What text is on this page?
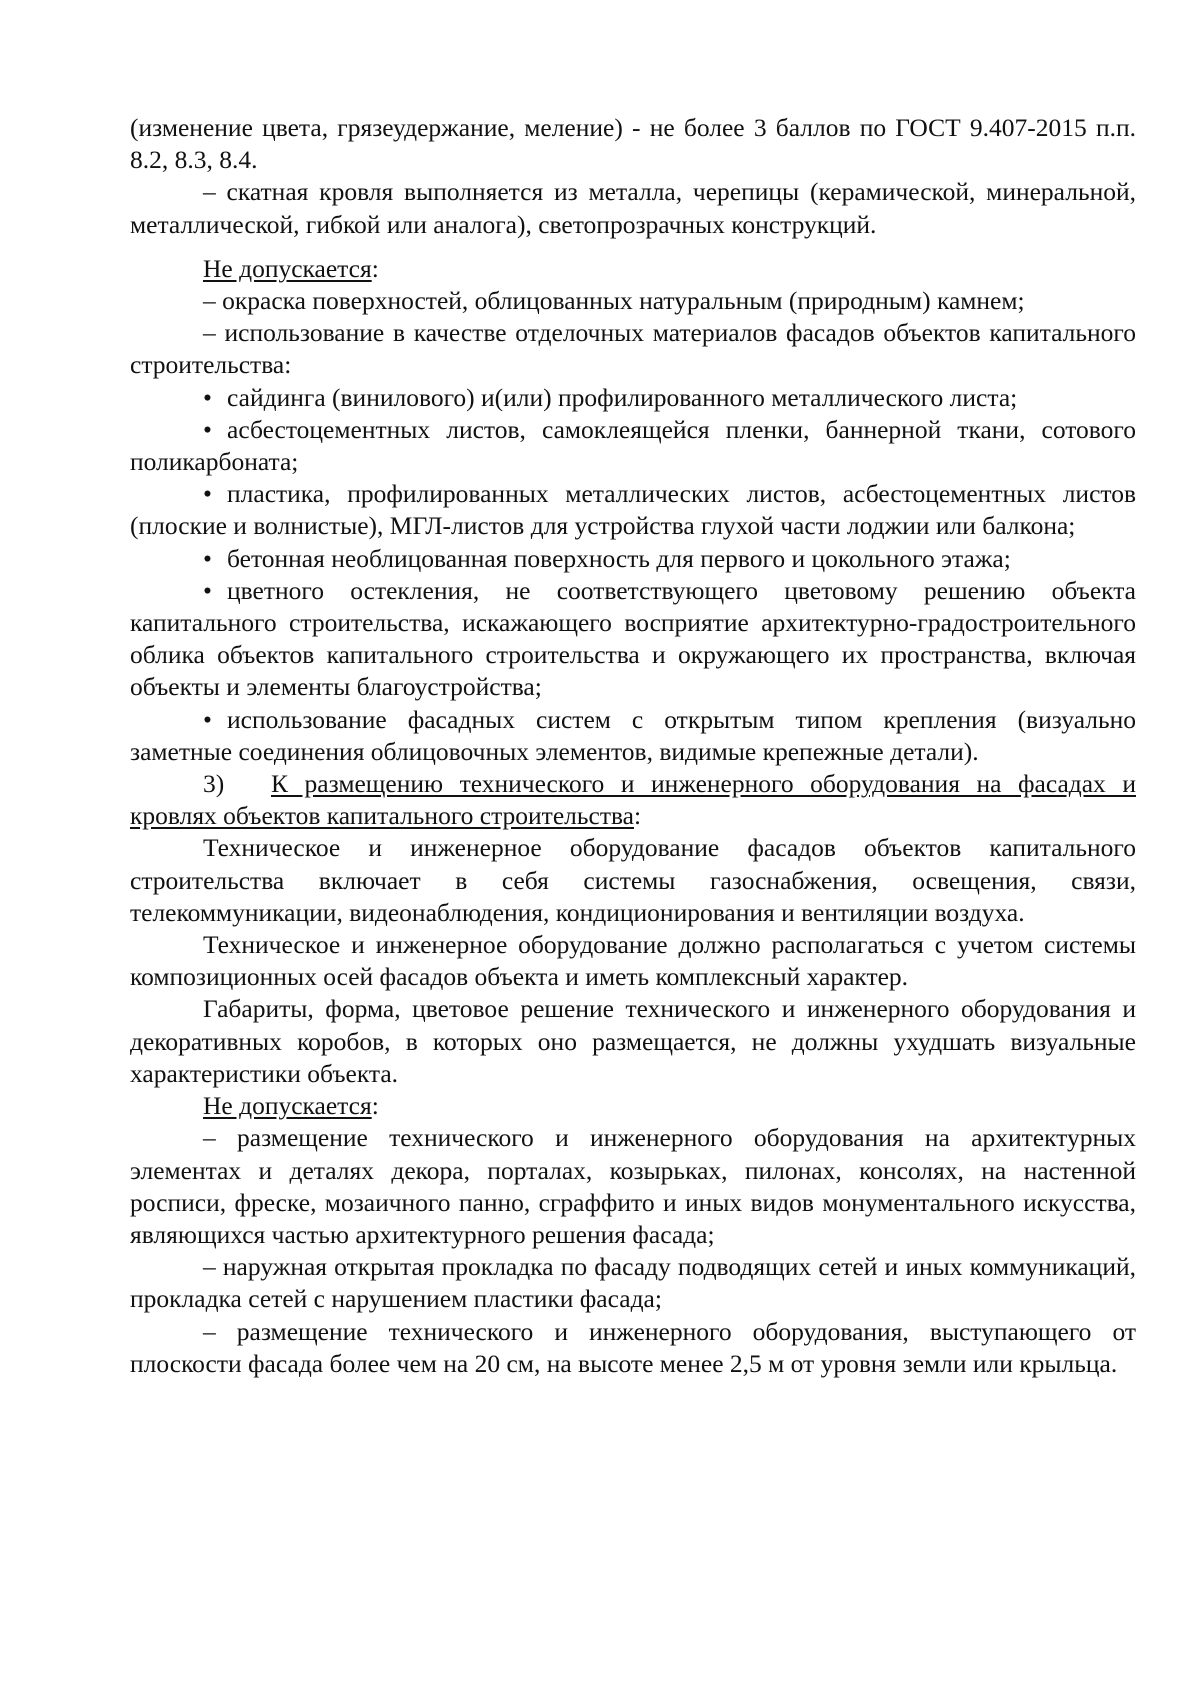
(изменение цвета, грязеудержание, меление) - не более 3 баллов по ГОСТ 9.407-2015 п.п. 8.2, 8.3, 8.4.

– скатная кровля выполняется из металла, черепицы (керамической, минеральной, металлической, гибкой или аналога), светопрозрачных конструкций.

Не допускается:

– окраска поверхностей, облицованных натуральным (природным) камнем;

– использование в качестве отделочных материалов фасадов объектов капитального строительства:

• сайдинга (винилового) и(или) профилированного металлического листа;

• асбестоцементных листов, самоклеящейся пленки, баннерной ткани, сотового поликарбоната;

• пластика, профилированных металлических листов, асбестоцементных листов (плоские и волнистые), МГЛ-листов для устройства глухой части лоджии или балкона;

• бетонная необлицованная поверхность для первого и цокольного этажа;

• цветного остекления, не соответствующего цветовому решению объекта капитального строительства, искажающего восприятие архитектурно-градостроительного облика объектов капитального строительства и окружающего их пространства, включая объекты и элементы благоустройства;

• использование фасадных систем с открытым типом крепления (визуально заметные соединения облицовочных элементов, видимые крепежные детали).

3) К размещению технического и инженерного оборудования на фасадах и кровлях объектов капитального строительства:

Техническое и инженерное оборудование фасадов объектов капитального строительства включает в себя системы газоснабжения, освещения, связи, телекоммуникации, видеонаблюдения, кондиционирования и вентиляции воздуха.

Техническое и инженерное оборудование должно располагаться с учетом системы композиционных осей фасадов объекта и иметь комплексный характер.

Габариты, форма, цветовое решение технического и инженерного оборудования и декоративных коробов, в которых оно размещается, не должны ухудшать визуальные характеристики объекта.

Не допускается:

– размещение технического и инженерного оборудования на архитектурных элементах и деталях декора, порталах, козырьках, пилонах, консолях, на настенной росписи, фреске, мозаичного панно, сграффито и иных видов монументального искусства, являющихся частью архитектурного решения фасада;

– наружная открытая прокладка по фасаду подводящих сетей и иных коммуникаций, прокладка сетей с нарушением пластики фасада;

– размещение технического и инженерного оборудования, выступающего от плоскости фасада более чем на 20 см, на высоте менее 2,5 м от уровня земли или крыльца.
